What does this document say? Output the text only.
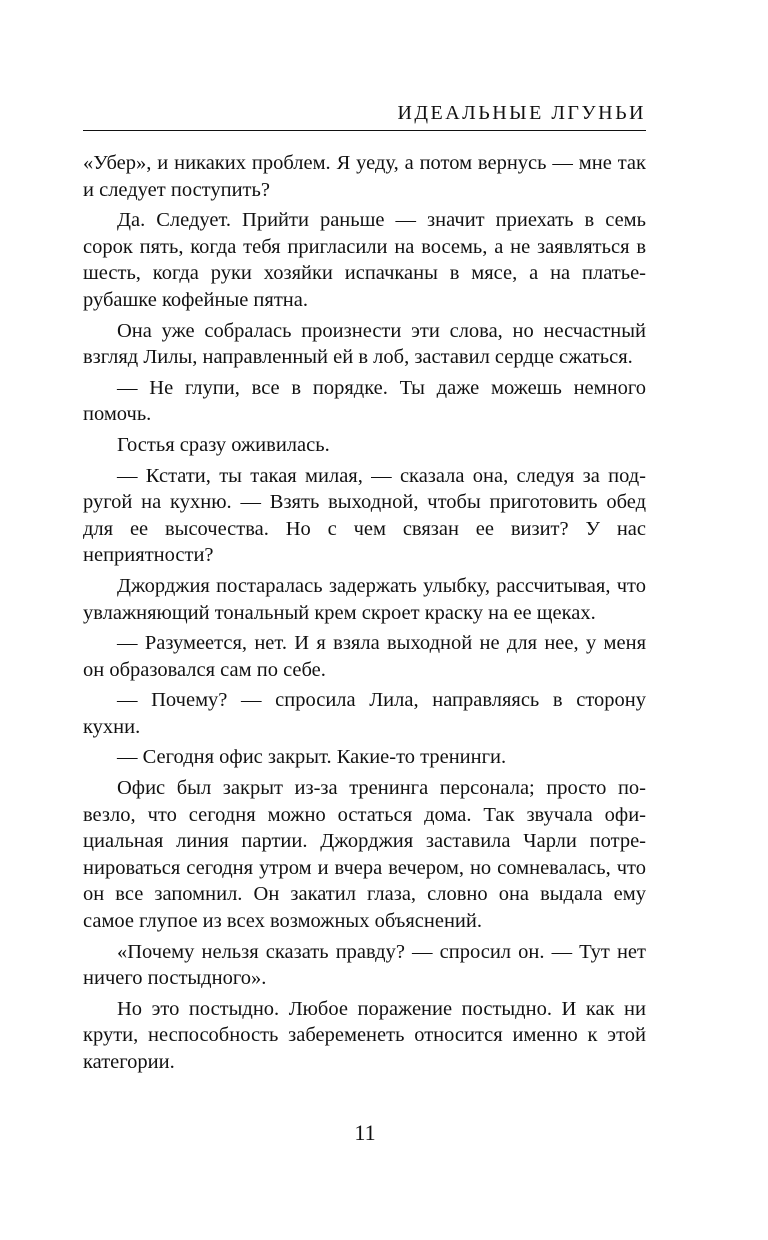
ИДЕАЛЬНЫЕ ЛГУНЬИ

«Убер», и никаких проблем. Я уеду, а потом вернусь — мне так и следует поступить?

Да. Следует. Прийти раньше — значит приехать в семь сорок пять, когда тебя пригласили на восемь, а не заявляться в шесть, когда руки хозяйки испачканы в мясе, а на платье-рубашке кофейные пятна.

Она уже собралась произнести эти слова, но несчастный взгляд Лилы, направленный ей в лоб, заставил сердце сжаться.

— Не глупи, все в порядке. Ты даже можешь немного помочь.

Гостья сразу оживилась.

— Кстати, ты такая милая, — сказала она, следуя за подругой на кухню. — Взять выходной, чтобы приготовить обед для ее высочества. Но с чем связан ее визит? У нас неприятности?

Джорджия постаралась задержать улыбку, рассчитывая, что увлажняющий тональный крем скроет краску на ее щеках.

— Разумеется, нет. И я взяла выходной не для нее, у меня он образовался сам по себе.

— Почему? — спросила Лила, направляясь в сторону кухни.

— Сегодня офис закрыт. Какие-то тренинги.

Офис был закрыт из-за тренинга персонала; просто повезло, что сегодня можно остаться дома. Так звучала официальная линия партии. Джорджия заставила Чарли потренироваться сегодня утром и вчера вечером, но сомневалась, что он все запомнил. Он закатил глаза, словно она выдала ему самое глупое из всех возможных объяснений.

«Почему нельзя сказать правду? — спросил он. — Тут нет ничего постыдного».

Но это постыдно. Любое поражение постыдно. И как ни крути, неспособность забеременеть относится именно к этой категории.

11
